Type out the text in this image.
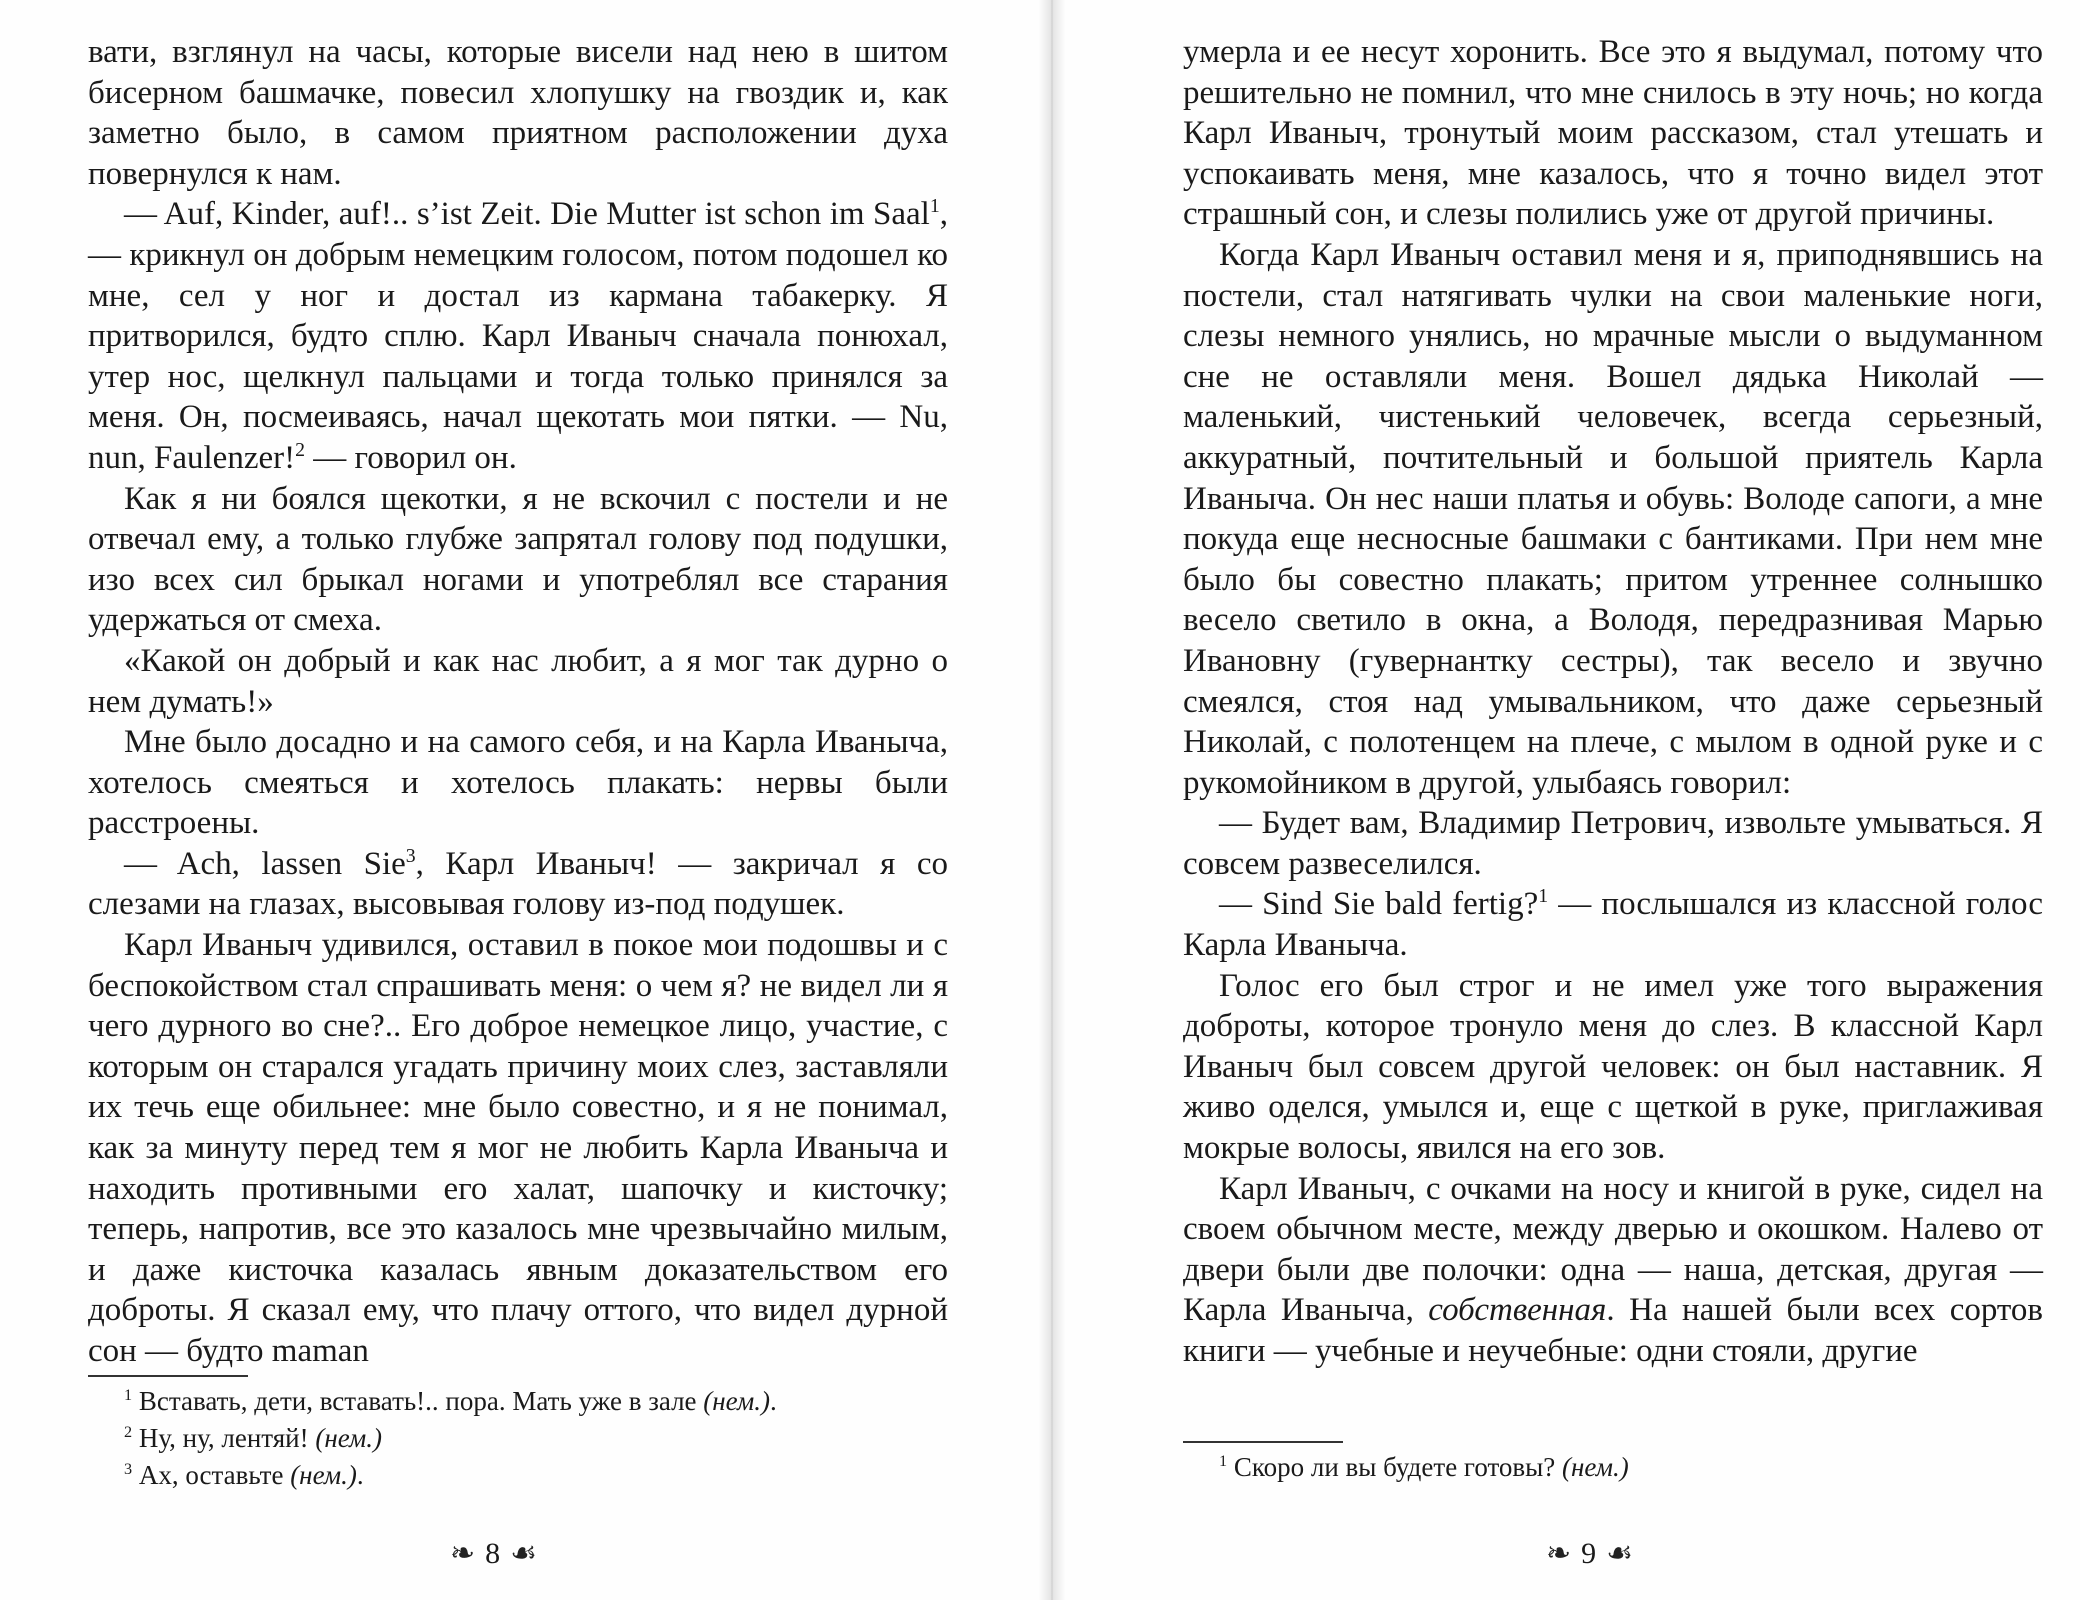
вати, взглянул на часы, которые висели над нею в шитом бисерном башмачке, повесил хлопушку на гвоздик и, как заметно было, в самом приятном расположении духа повернулся к нам.

— Auf, Kinder, auf!.. s’ist Zeit. Die Mutter ist schon im Saal$^1$, — крикнул он добрым немецким голосом, потом подошел ко мне, сел у ног и достал из кармана табакерку. Я притворился, будто сплю. Карл Иваныч сначала понюхал, утер нос, щелкнул пальцами и тогда только принялся за меня. Он, посмеиваясь, начал щекотать мои пятки. — Nu, nun, Faulenzer!$^2$ — говорил он.

Как я ни боялся щекотки, я не вскочил с постели и не отвечал ему, а только глубже запрятал голову под подушки, изо всех сил брыкал ногами и употреблял все старания удержаться от смеха.

«Какой он добрый и как нас любит, а я мог так дурно о нем думать!»

Мне было досадно и на самого себя, и на Карла Иваныча, хотелось смеяться и хотелось плакать: нервы были расстроены.

— Ach, lassen Sie$^3$, Карл Иваныч! — закричал я со слезами на глазах, высовывая голову из-под подушек.

Карл Иваныч удивился, оставил в покое мои подошвы и с беспокойством стал спрашивать меня: о чем я? не видел ли я чего дурного во сне?.. Его доброе немецкое лицо, участие, с которым он старался угадать причину моих слез, заставляли их течь еще обильнее: мне было совестно, и я не понимал, как за минуту перед тем я мог не любить Карла Иваныча и находить противными его халат, шапочку и кисточку; теперь, напротив, все это казалось мне чрезвычайно милым, и даже кисточка казалась явным доказательством его доброты. Я сказал ему, что плачу оттого, что видел дурной сон — будто maman

$^1$ Вставать, дети, вставать!.. пора. Мать уже в зале (нем.).
$^2$ Ну, ну, лентяй! (нем.)
$^3$ Ах, оставьте (нем.).
❧ 8 ☙

умерла и ее несут хоронить. Все это я выдумал, потому что решительно не помнил, что мне снилось в эту ночь; но когда Карл Иваныч, тронутый моим рассказом, стал утешать и успокаивать меня, мне казалось, что я точно видел этот страшный сон, и слезы полились уже от другой причины.

Когда Карл Иваныч оставил меня и я, приподнявшись на постели, стал натягивать чулки на свои маленькие ноги, слезы немного унялись, но мрачные мысли о выдуманном сне не оставляли меня. Вошел дядька Николай — маленький, чистенький человечек, всегда серьезный, аккуратный, почтительный и большой приятель Карла Иваныча. Он нес наши платья и обувь: Володе сапоги, а мне покуда еще несносные башмаки с бантиками. При нем мне было бы совестно плакать; притом утреннее солнышко весело светило в окна, а Володя, передразнивая Марью Ивановну (гувернантку сестры), так весело и звучно смеялся, стоя над умывальником, что даже серьезный Николай, с полотенцем на плече, с мылом в одной руке и с рукомойником в другой, улыбаясь говорил:

— Будет вам, Владимир Петрович, извольте умываться. Я совсем развеселился.

— Sind Sie bald fertig?$^1$ — послышался из классной голос Карла Иваныча.

Голос его был строг и не имел уже того выражения доброты, которое тронуло меня до слез. В классной Карл Иваныч был совсем другой человек: он был наставник. Я живо оделся, умылся и, еще с щеткой в руке, приглаживая мокрые волосы, явился на его зов.

Карл Иваныч, с очками на носу и книгой в руке, сидел на своем обычном месте, между дверью и окошком. Налево от двери были две полочки: одна — наша, детская, другая — Карла Иваныча, собственная. На нашей были всех сортов книги — учебные и неучебные: одни стояли, другие

$^1$ Скоро ли вы будете готовы? (нем.)
❧ 9 ☙
